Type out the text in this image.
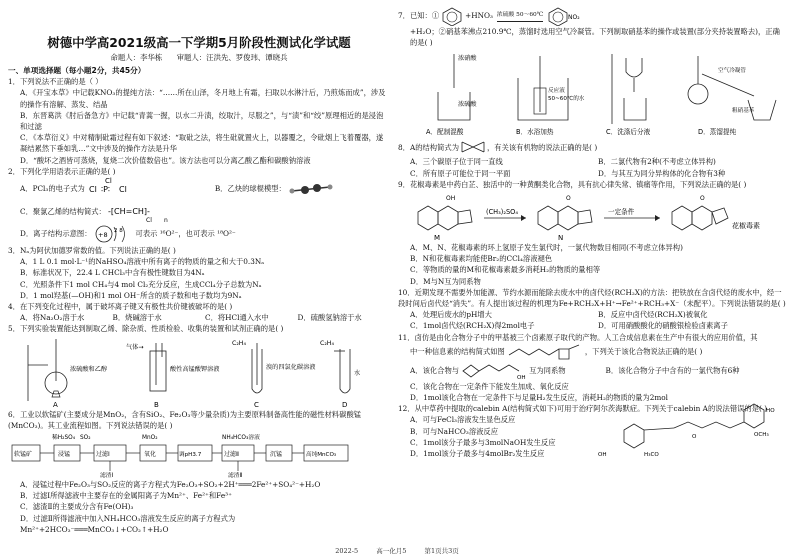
树德中学高2021级高一下学期5月阶段性测试化学试题
命题人：李华栋 审题人：汪洪先、罗俊玮、谭晓兵
一、单项选择题（每小题2分，共45分）

1．下列说法不正确的是（ ）

A．《开宝本草》中记载KNO₃的提纯方法：“……所在山泽，冬月地上有霜，扫取以水淋汁后，乃煎炼而成”，涉及的操作有溶解、蒸发、结晶

B．东晋葛洪《肘后备急方》中记载“青蒿一握，以水二升渍，绞取汁，尽服之”，与“渍”和“绞”原理相近的是浸泡和过滤

C．《本草衍义》中对精制砒霜过程有如下叙述：“取砒之法，将生砒就置火上，以器覆之，令砒烟上飞着覆器，遂凝结累然下垂如乳…”文中涉及的操作方法是升华

D．“酸坏之酒皆可蒸烧，复烧二次价值数倍也”。该方法也可以分离乙酸乙酯和碳酸钠溶液

2．下列化学用语表示正确的是( )

A．PCl₃的电子式为 Cl ∶P∶ Cl
Cl
B．乙炔的球棍模型：
C．聚氯乙烯的结构简式： -[CH=CH]-
Cl n
D．离子结构示意图： +8 2 8 可表示 ¹⁶O²⁻，也可表示 ¹⁸O²⁻

3．Nₐ为阿伏加德罗常数的值。下列说法正确的是( )

A．1 L 0.1 mol·L⁻¹的NaHSO₄溶液中所有离子的物质的量之和大于0.3Nₐ

B．标准状况下，22.4 L CHCl₃中含有极性键数目为4Nₐ

C．光照条件下1 mol CH₄与4 mol Cl₂充分反应，生成CCl₄分子总数为Nₐ

D．1 mol羟基(—OH)和1 mol OH⁻所含的质子数和电子数均为9Nₐ

4．在下列变化过程中，属于破坏离子键又有极性共价键被破坏的是( )

A．将Na₂O₂溶于水	B．烧碱溶于水	C．将HCl通入水中	D．硫酸氢钠溶于水

5．下列实验装置能达到制取乙烯、除杂质、性质检验、收集的装置和试剂正确的是( )

浓硫酸和乙醇
A
气体→
酸性高锰酸钾溶液
B
C₂H₄
溴的四氯化碳溶液
C
C₂H₄
水
D

6．工业以软锰矿(主要成分是MnO₂，含有SiO₂、Fe₂O₃等少量杂质)为主要原料制备高性能的磁性材料碳酸锰(MnCO₃)。其工业流程如图。下列说法错误的是( )

稀H₂SO₄ SO₂	MnO₂	NH₄HCO₃溶液
软锰矿	浸锰	过滤Ⅰ	氧化	调pH3.7	过滤Ⅱ	沉锰	高纯MnCO₃
滤渣Ⅰ	滤渣Ⅱ

A．浸锰过程中Fe₂O₃与SO₂反应的离子方程式为Fe₂O₃+SO₂+2H⁺═══2Fe²⁺+SO₄²⁻+H₂O

B．过滤Ⅰ所得滤液中主要存在的金属阳离子为Mn²⁺、Fe²⁺和Fe³⁺

C．滤渣Ⅱ的主要成分含有Fe(OH)₃

D．过滤Ⅱ所得滤液中加入NH₄HCO₃溶液发生反应的离子方程式为

Mn²⁺+2HCO₃⁻═══MnCO₃↓+CO₂↑+H₂O

7．已知：①	+HNO₃ 浓硫酸 50～60℃	NO₂

+H₂O；②硝基苯沸点210.9℃，蒸馏时选用空气冷凝管。下列制取硝基苯的操作或装置(部分夹持装置略去)，正确的是( )

浓硝酸
浓硫酸
A．配制混酸
反应液
50~60℃的水
B．水浴加热	C．洗涤后分液
空气冷凝管
粗硝基苯
D．蒸馏提纯
8．A的结构简式为	，有关该有机物的说法正确的是( )
A．三个碳原子位于同一直线	B．二氯代物有2种(不考虑立体异构)
C．所有原子可能位于同一平面	D．与其互为同分异构体的化合物有3种

9．花椒毒素是中药白芷、独活中的一种黄酮类化合物，具有抗心律失常、镇痛等作用，下列说法正确的是( )

OH
M
(CH₃)₂SO₄
O
N
一定条件
O
花椒毒素

A．M、N、花椒毒素的环上氢原子发生氯代时，一氯代物数目相同(不考虑立体异构)

B．N和花椒毒素均能使Br₂的CCl₄溶液褪色

C．等物质的量的M和花椒毒素最多消耗H₂的物质的量相等

D．M与N互为同系物

10．近期发现不需要外加能源、节约水源而能除去废水中的卤代烃(RCH₂X)的方法：把铁放在含卤代烃的废水中，经一段时间后卤代烃“消失”。有人提出该过程的机理为Fe+RCH₂X+H⁺→Fe²⁺+RCH₃+X⁻（未配平）。下列说法错误的是( )

A．处理后废水的pH增大	B．反应中卤代烃(RCH₂X)被氧化
C．1mol卤代烃(RCH₂X)得2mol电子	D．可用硝酸酸化的硝酸银检验卤素离子

11．卤仿是由化合物分子中的甲基被三个卤素原子取代的产物。人工合成信息素在生产中有很大的应用价值，其

中一种信息素的结构简式如图	，下列关于该化合物说法正确的是( )
A．该化合物与
OH
互为同系物	B．该化合物分子中含有的一氯代物有6种

C．该化合物在一定条件下能发生加成、氧化反应

D．1mol该化合物在一定条件下与足量H₂发生反应，消耗H₂的物质的量为2mol

12．从中草药中提取的calebin A(结构简式如下)可用于治疗阿尔茨海默症。下列关于calebin A的说法错误的是( )

A．可与FeCl₃溶液发生显色反应

B．可与NaHCO₃溶液反应

C．1mol该分子最多与3molNaOH发生反应

D．1mol该分子最多与4molBr₂发生反应

HO
OCH₃
O
OH	H₃CO
2022-5	高一化月5	第1页共3页
